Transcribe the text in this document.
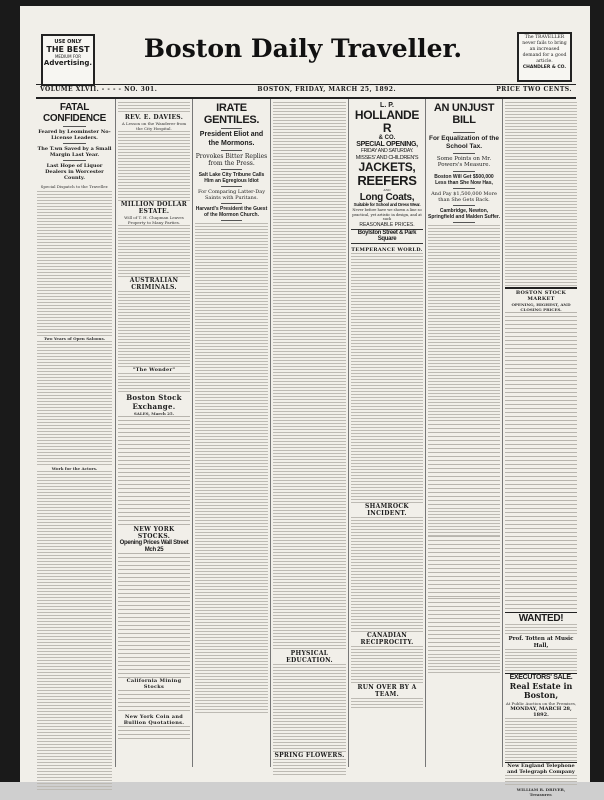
USE ONLY
THE BEST
MEDIUM FOR
Advertising.	Boston Daily Traveller.	The TRAVELLER never fails to bring an increased demand for a good article.
CHANDLER & CO.
VOLUME XLVII. - - - - NO. 301.	BOSTON, FRIDAY, MARCH 25, 1892.	PRICE TWO CENTS.
FATAL CONFIDENCE
Feared by Leominster No-License Leaders.
The T.wn Saved by a Small Margin Last Year.
Last Hope of Liquor Dealers in Worcester County.
Special Dispatch to the Traveller.
Two Years of Open Saloons.
Work for the Actors.
REV. E. DAVIES.
A Lesson on the Wanderer from the City Hospital.
MILLION DOLLAR ESTATE.
Will of T. H. Chapman Leaves Property to Many Parties.
AUSTRALIAN CRIMINALS.
"The Wonder"
Boston Stock Exchange.
SALES, March 25.
NEW YORK STOCKS.
Opening Prices Wall Street Mch 25
California Mining Stocks
New York Coin and Bullion Quotations.
IRATE GENTILES.
President Eliot and the Mormons.
Provokes Bitter Replies from the Press.
Salt Lake City Tribune Calls Him an Egregious Idiot
For Comparing Latter-Day Saints with Puritans.
Harvard's President the Guest of the Mormon Church.
PHYSICAL EDUCATION.
SPRING FLOWERS.
L. P.
HOLLANDER
& CO.
SPECIAL OPENING,
FRIDAY AND SATURDAY.
MISSES' AND CHILDREN'S
JACKETS,
REEFERS
AND
Long Coats,
Suitable for School and Dress Wear.
Never before have we shown a line so practical, yet artistic in design, and at such
REASONABLE PRICES.
Boylston Street & Park Square
TEMPERANCE WORLD.
SHAMROCK INCIDENT.
CANADIAN RECIPROCITY.
RUN OVER BY A TEAM.
AN UNJUST BILL
For Equalization of the School Tax.
Some Points on Mr. Powers's Measure.
Boston Will Get $500,000 Less than She Now Has,
And Pay $1,500,000 More than She Gets Back.
Cambridge, Newton, Springfield and Malden Suffer.
BOSTON STOCK MARKET
OPENING, HIGHEST, AND CLOSING PRICES.
WANTED!
Prof. Totten at Music Hall,
EXECUTORS' SALE.
Real Estate in Boston,
At Public Auction on the Premises,
MONDAY, MARCH 28, 1892.
New England Telephone and Telegraph Company
WILLIAM R. DRIVER, Treasurer.
